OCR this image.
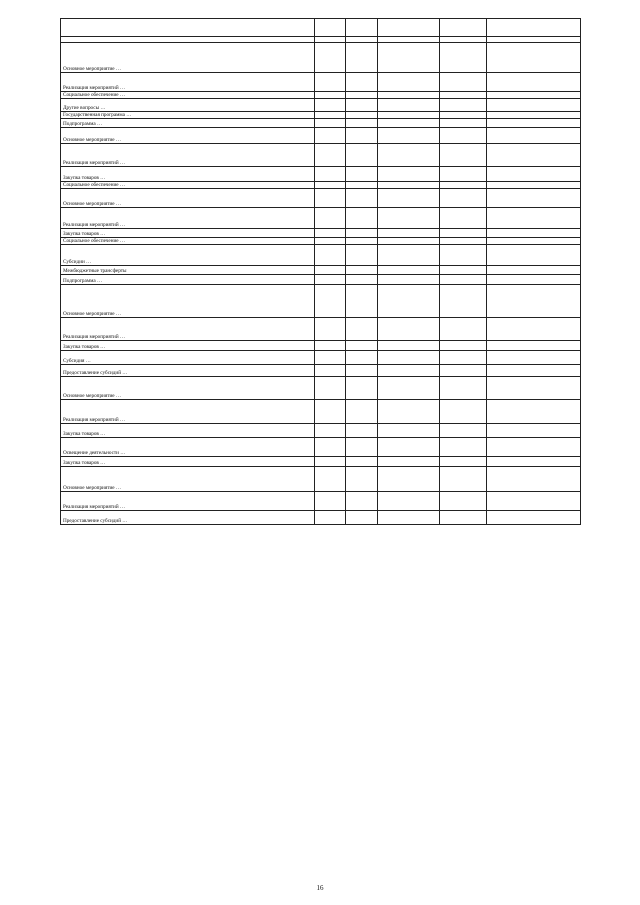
Основное мероприятие …					
Реализация мероприятий …					
Социальное обеспечение …					
Другие вопросы …					
Государственная программа …					
Подпрограмма …					
Основное мероприятие …					
Реализация мероприятий …					
Закупка товаров …					
Социальное обеспечение …					
Основное мероприятие …					
Реализация мероприятий …					
Закупка товаров …					
Социальное обеспечение …					
Субсидии …					
Межбюджетные трансферты					
Подпрограмма …					
Основное мероприятие …					
Реализация мероприятий …					
Закупка товаров …					
Субсидия …					
Предоставление субсидий …					
Основное мероприятие …					
Реализация мероприятий …					
Закупка товаров …					
Освещение деятельности …					
Закупка товаров …					
Основное мероприятие …					
Реализация мероприятий …					
Предоставление субсидий …					
16
